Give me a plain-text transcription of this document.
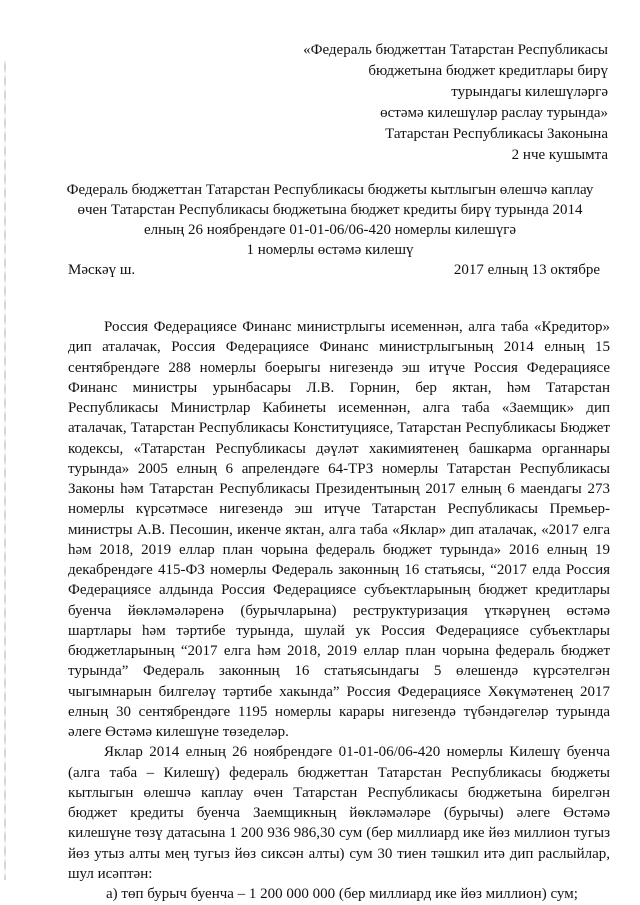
«Федераль бюджеттан Татарстан Республикасы
бюджетына бюджет кредитлары бирү
турындагы килешүләргә
өстәмә килешүләр раслау турында»
Татарстан Республикасы Законына
2 нче кушымта
Федераль бюджеттан Татарстан Республикасы бюджеты кытлыгын өлешчә каплау
өчен Татарстан Республикасы бюджетына бюджет кредиты бирү турында 2014
елның 26 ноябрендәге 01-01-06/06-420 номерлы килешүгә
1 номерлы өстәмә килешү
Мәскәү ш.	2017 елның 13 октябре

Россия Федерациясе Финанс министрлыгы исеменнән, алга таба «Кредитор» дип аталачак, Россия Федерациясе Финанс министрлыгының 2014 елның 15 сентябрендәге 288 номерлы боерыгы нигезендә эш итүче Россия Федерациясе Финанс министры урынбасары Л.В. Горнин, бер яктан, һәм Татарстан Республикасы Министрлар Кабинеты исеменнән, алга таба «Заемщик» дип аталачак, Татарстан Республикасы Конституциясе, Татарстан Республикасы Бюджет кодексы, «Татарстан Республикасы дәүләт хакимиятенең башкарма органнары турында» 2005 елның 6 апрелендәге 64-ТРЗ номерлы Татарстан Республикасы Законы һәм Татарстан Республикасы Президентының 2017 елның 6 маендагы 273 номерлы күрсәтмәсе нигезендә эш итүче Татарстан Республикасы Премьер-министры А.В. Песошин, икенче яктан, алга таба «Яклар» дип аталачак, «2017 елга һәм 2018, 2019 еллар план чорына федераль бюджет турында» 2016 елның 19 декабрендәге 415-ФЗ номерлы Федераль законның 16 статьясы, “2017 елда Россия Федерациясе алдында Россия Федерациясе субъектларының бюджет кредитлары буенча йөкләмәләренә (бурычларына) реструктуризация үткәрүнең өстәмә шартлары һәм тәртибе турында, шулай ук Россия Федерациясе субъектлары бюджетларының “2017 елга һәм 2018, 2019 еллар план чорына федераль бюджет турында” Федераль законның 16 статьясындагы 5 өлешендә күрсәтелгән чыгымнарын билгеләү тәртибе хакында” Россия Федерациясе Хөкүмәтенең 2017 елның 30 сентябрендәге 1195 номерлы карары нигезендә түбәндәгеләр турында әлеге Өстәмә килешүне төзеделәр.

Яклар 2014 елның 26 ноябрендәге 01-01-06/06-420 номерлы Килешү буенча (алга таба – Килешү) федераль бюджеттан Татарстан Республикасы бюджеты кытлыгын өлешчә каплау өчен Татарстан Республикасы бюджетына бирелгән бюджет кредиты буенча Заемщикның йөкләмәләре (бурычы) әлеге Өстәмә килешүне төзү датасына 1 200 936 986,30 сум (бер миллиард ике йөз миллион тугыз йөз утыз алты мең тугыз йөз сиксән алты) сум 30 тиен тәшкил итә дип раслыйлар, шул исәптән:

а) төп бурыч буенча – 1 200 000 000 (бер миллиард ике йөз миллион) сум;
